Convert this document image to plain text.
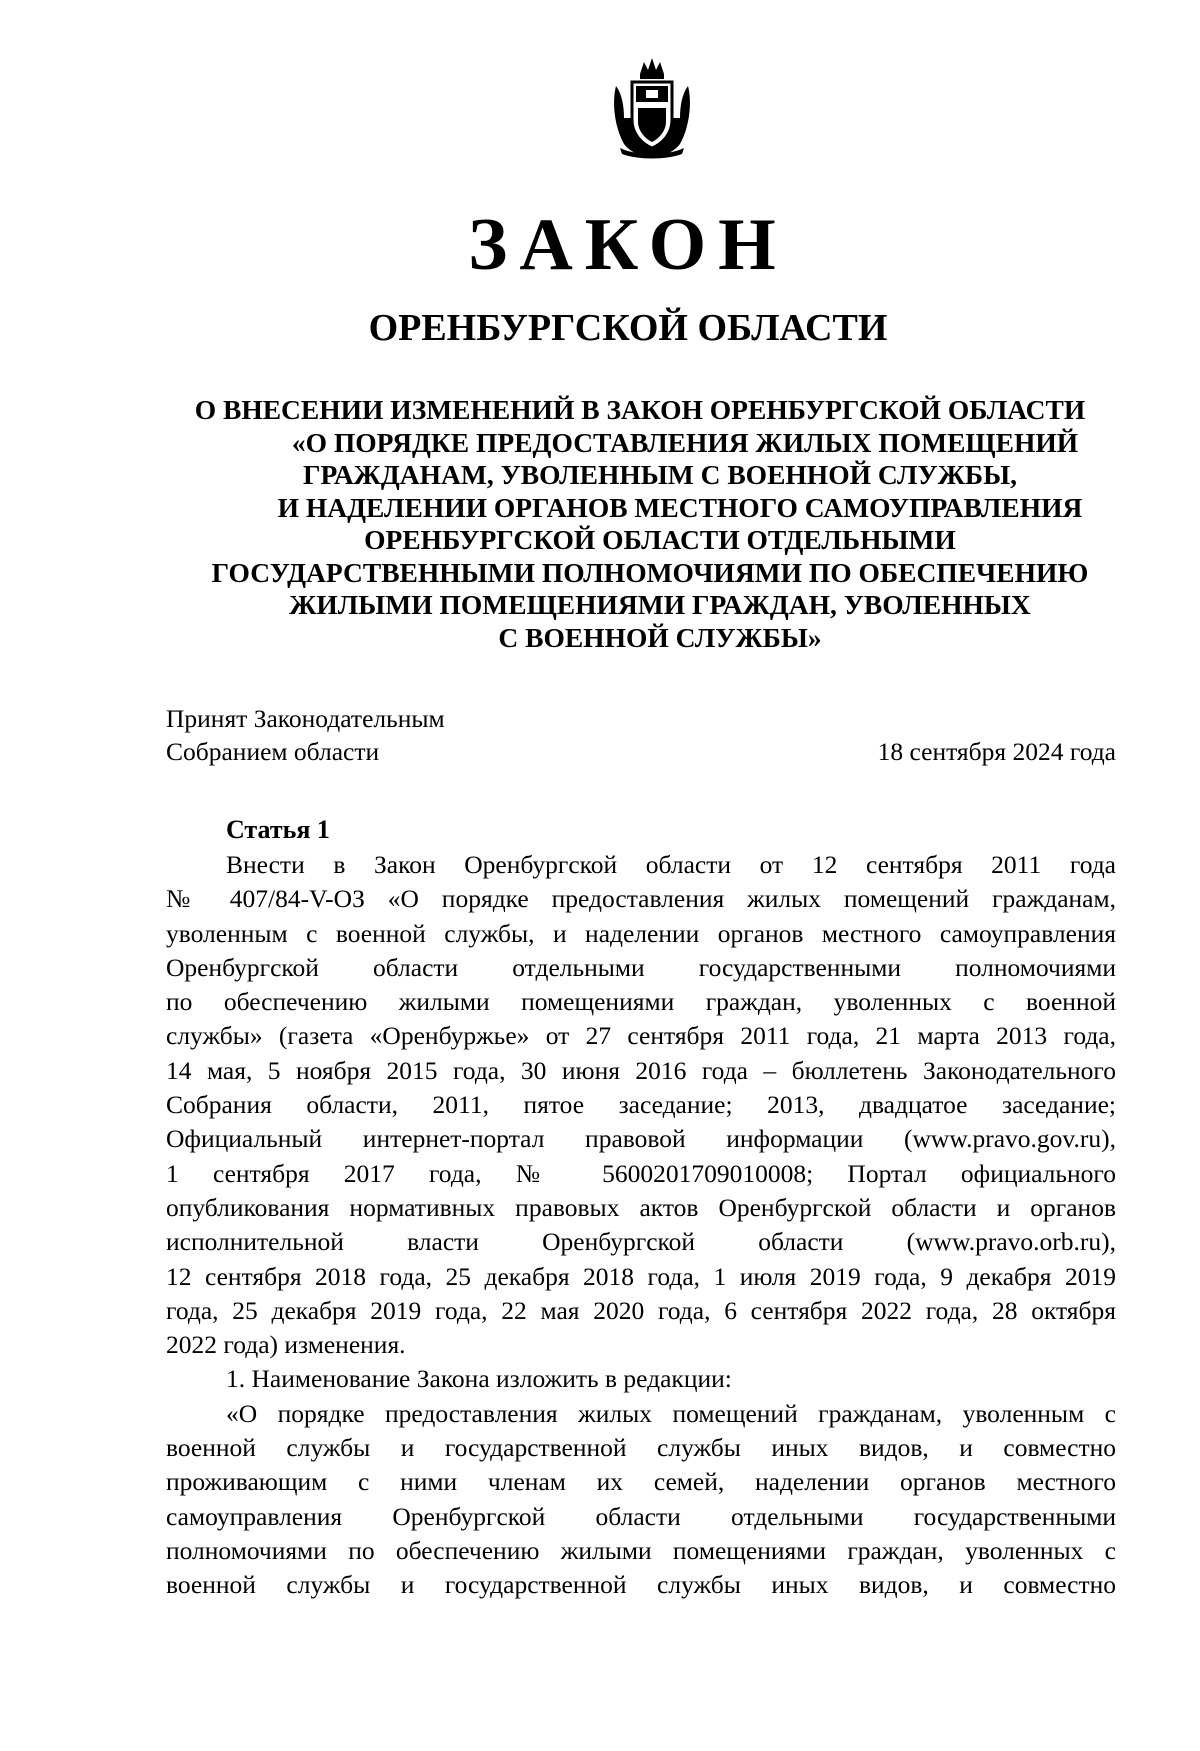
ЗАКОН
ОРЕНБУРГСКОЙ ОБЛАСТИ
О ВНЕСЕНИИ ИЗМЕНЕНИЙ В ЗАКОН ОРЕНБУРГСКОЙ ОБЛАСТИ
«О ПОРЯДКЕ ПРЕДОСТАВЛЕНИЯ ЖИЛЫХ ПОМЕЩЕНИЙ
ГРАЖДАНАМ, УВОЛЕННЫМ С ВОЕННОЙ СЛУЖБЫ,
И НАДЕЛЕНИИ ОРГАНОВ МЕСТНОГО САМОУПРАВЛЕНИЯ
ОРЕНБУРГСКОЙ ОБЛАСТИ ОТДЕЛЬНЫМИ
ГОСУДАРСТВЕННЫМИ ПОЛНОМОЧИЯМИ ПО ОБЕСПЕЧЕНИЮ
ЖИЛЫМИ ПОМЕЩЕНИЯМИ ГРАЖДАН, УВОЛЕННЫХ
С ВОЕННОЙ СЛУЖБЫ»
Принят Законодательным
Собранием области	18 сентября 2024 года
Статья 1
Внести в Закон Оренбургской области от 12 сентября 2011 года
№ 407/84-V-ОЗ «О порядке предоставления жилых помещений гражданам,
уволенным с военной службы, и наделении органов местного самоуправления
Оренбургской области отдельными государственными полномочиями
по обеспечению жилыми помещениями граждан, уволенных с военной
службы» (газета «Оренбуржье» от 27 сентября 2011 года, 21 марта 2013 года,
14 мая, 5 ноября 2015 года, 30 июня 2016 года – бюллетень Законодательного
Собрания области, 2011, пятое заседание; 2013, двадцатое заседание;
Официальный интернет-портал правовой информации (www.pravo.gov.ru),
1 сентября 2017 года, № 5600201709010008; Портал официального
опубликования нормативных правовых актов Оренбургской области и органов
исполнительной власти Оренбургской области (www.pravo.orb.ru),
12 сентября 2018 года, 25 декабря 2018 года, 1 июля 2019 года, 9 декабря 2019
года, 25 декабря 2019 года, 22 мая 2020 года, 6 сентября 2022 года, 28 октября
2022 года) изменения.
1. Наименование Закона изложить в редакции:
«О порядке предоставления жилых помещений гражданам, уволенным с
военной службы и государственной службы иных видов, и совместно
проживающим с ними членам их семей, наделении органов местного
самоуправления Оренбургской области отдельными государственными
полномочиями по обеспечению жилыми помещениями граждан, уволенных с
военной службы и государственной службы иных видов, и совместно
